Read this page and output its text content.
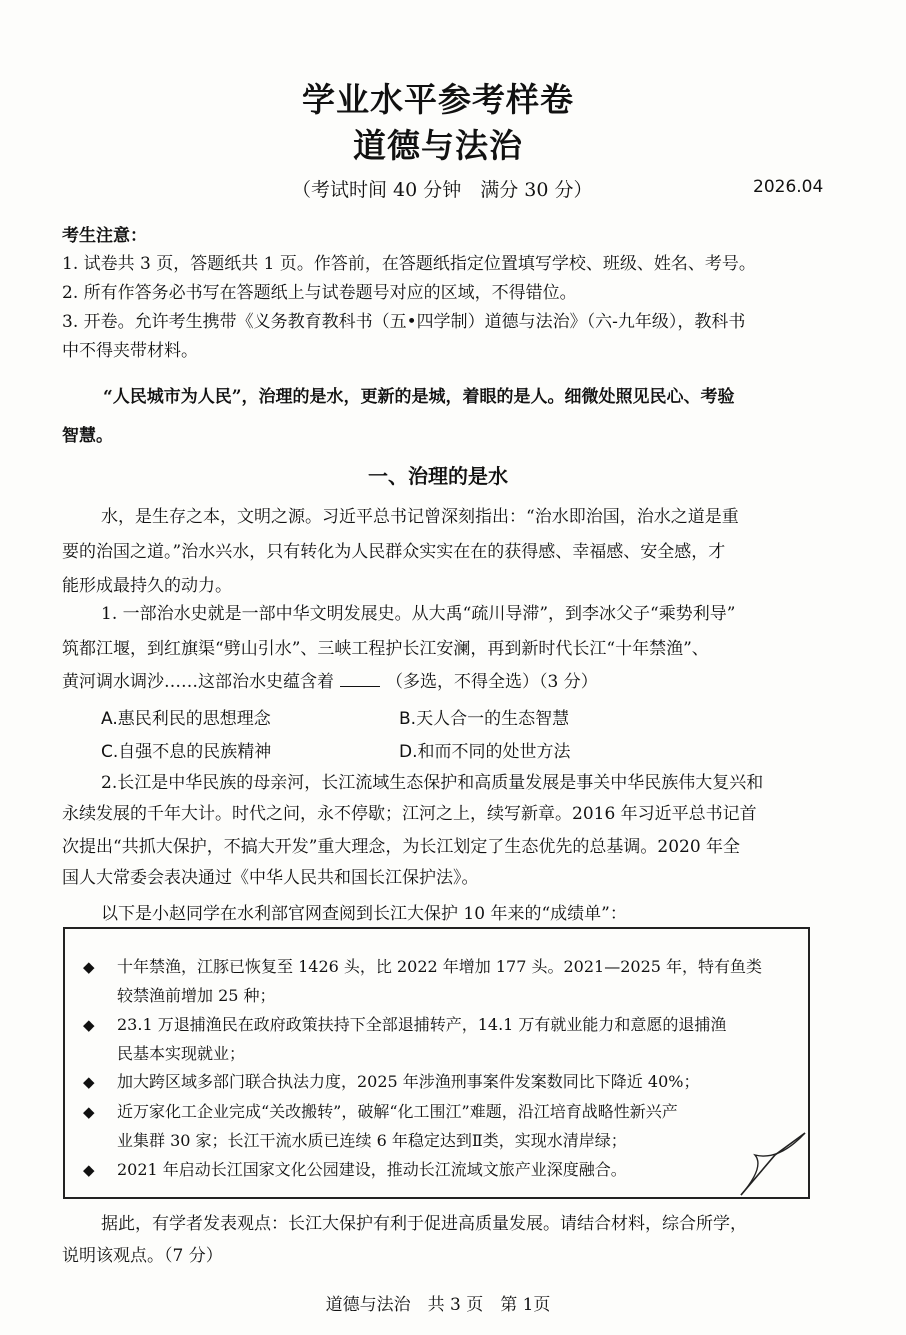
学业水平参考样卷
道德与法治
（考试时间 40 分钟　满分 30 分）	2026.04
考生注意：
1. 试卷共 3 页，答题纸共 1 页。作答前，在答题纸指定位置填写学校、班级、姓名、考号。
2. 所有作答务必书写在答题纸上与试卷题号对应的区域，不得错位。
3. 开卷。允许考生携带《义务教育教科书（五•四学制）道德与法治》（六-九年级），教科书
中不得夹带材料。
“人民城市为人民”，治理的是水，更新的是城，着眼的是人。细微处照见民心、考验
智慧。
一、治理的是水
水，是生存之本，文明之源。习近平总书记曾深刻指出：“治水即治国，治水之道是重
要的治国之道。”治水兴水，只有转化为人民群众实实在在的获得感、幸福感、安全感，才
能形成最持久的动力。
1. 一部治水史就是一部中华文明发展史。从大禹“疏川导滞”，到李冰父子“乘势利导”
筑都江堰，到红旗渠“劈山引水”、三峡工程护长江安澜，再到新时代长江“十年禁渔”、
黄河调水调沙……这部治水史蕴含着	（多选，不得全选）（3 分）
A.惠民利民的思想理念	B.天人合一的生态智慧
C.自强不息的民族精神	D.和而不同的处世方法
2.长江是中华民族的母亲河，长江流域生态保护和高质量发展是事关中华民族伟大复兴和
永续发展的千年大计。时代之问，永不停歇；江河之上，续写新章。2016 年习近平总书记首
次提出“共抓大保护，不搞大开发”重大理念，为长江划定了生态优先的总基调。2020 年全
国人大常委会表决通过《中华人民共和国长江保护法》。
以下是小赵同学在水利部官网查阅到长江大保护 10 年来的“成绩单”：
◆ 十年禁渔，江豚已恢复至 1426 头，比 2022 年增加 177 头。2021—2025 年，特有鱼类
较禁渔前增加 25 种；
◆ 23.1 万退捕渔民在政府政策扶持下全部退捕转产，14.1 万有就业能力和意愿的退捕渔
民基本实现就业；
◆ 加大跨区域多部门联合执法力度，2025 年涉渔刑事案件发案数同比下降近 40%；
◆ 近万家化工企业完成“关改搬转”，破解“化工围江”难题，沿江培育战略性新兴产
业集群 30 家；长江干流水质已连续 6 年稳定达到Ⅱ类，实现水清岸绿；
◆ 2021 年启动长江国家文化公园建设，推动长江流域文旅产业深度融合。
据此，有学者发表观点：长江大保护有利于促进高质量发展。请结合材料，综合所学，
说明该观点。（7 分）
道德与法治　共 3 页　第 1页
